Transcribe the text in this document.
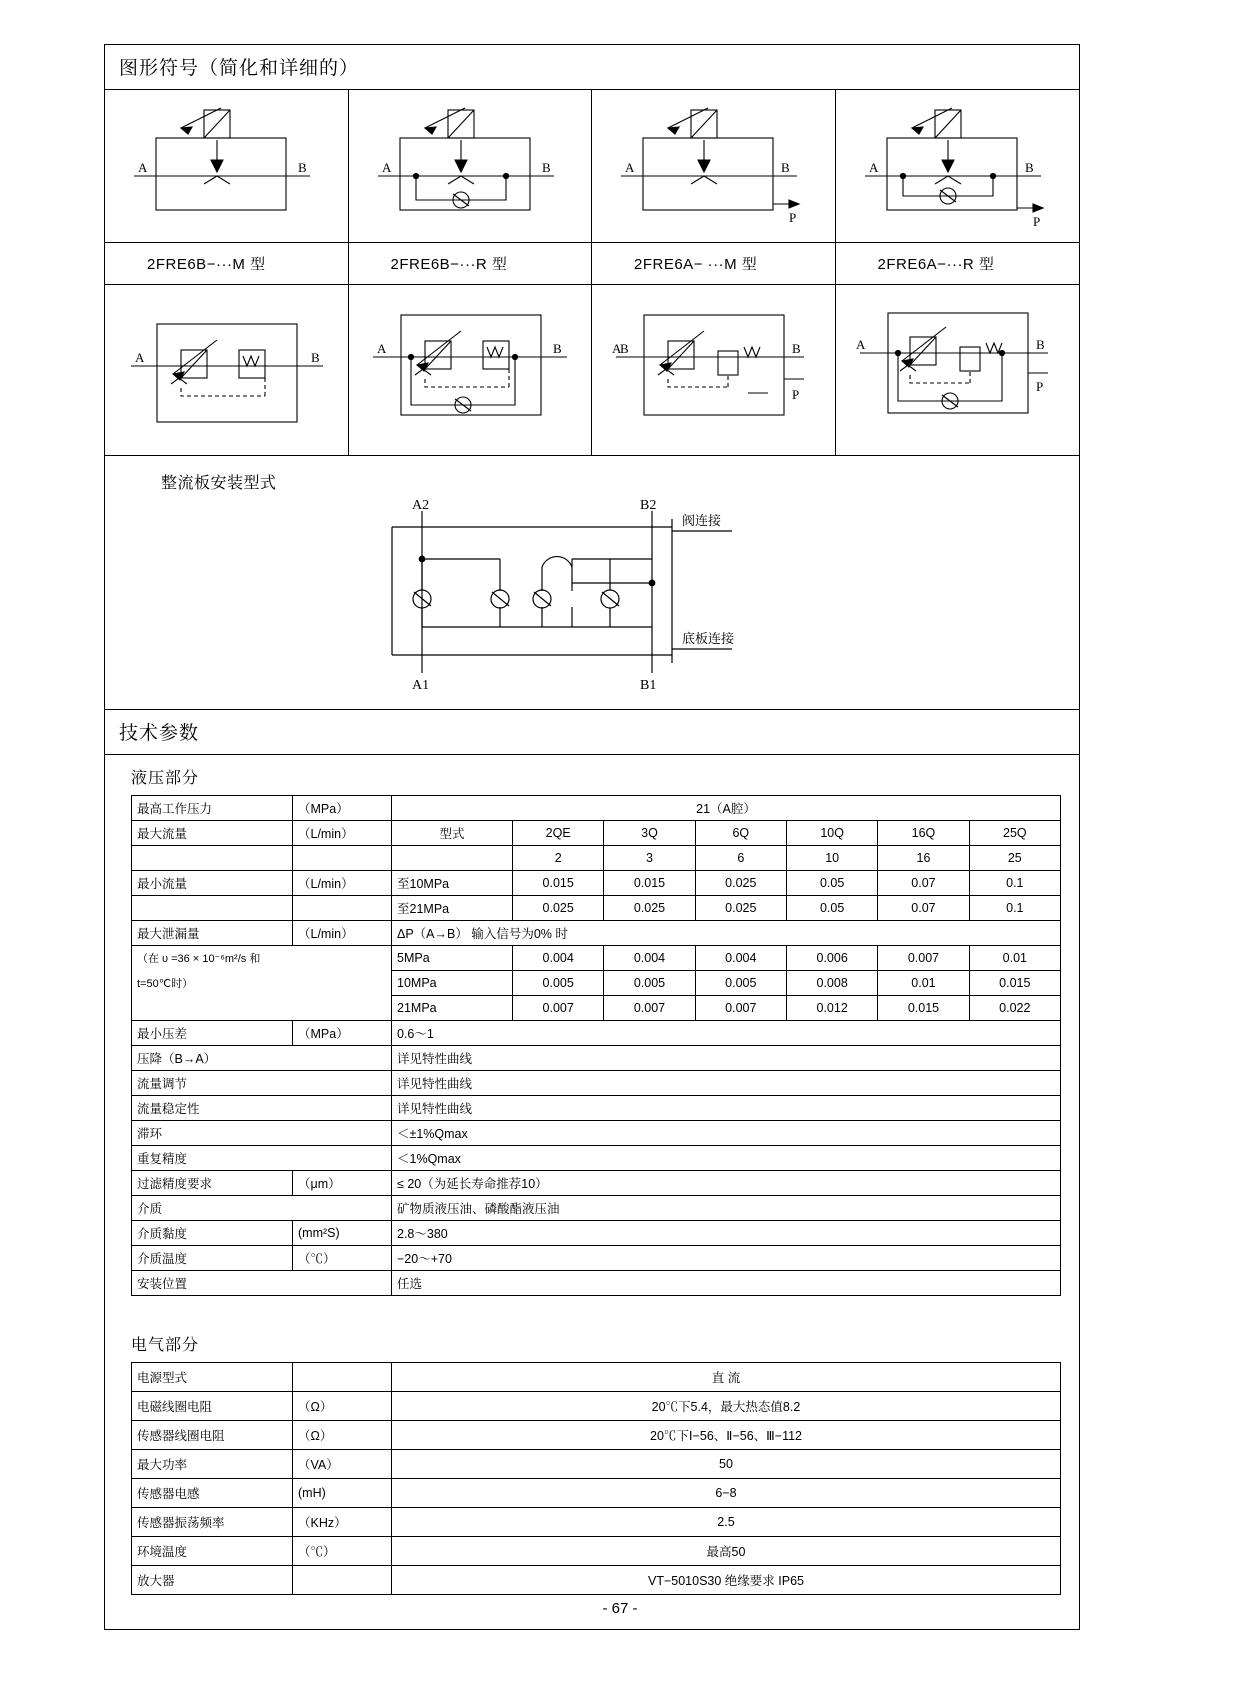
图形符号（简化和详细的）
A	B	A	B	A	B
P
A	B
P
2FRE6B−···M 型	2FRE6B−···R 型	2FRE6A− ···M 型	2FRE6A−···R 型
A	B
A	B	B
P
A	B	A	B
P
整流板安装型式
A2	B2
A1	B1
阀连接
底板连接
技术参数
液压部分
最高工作压力	（MPa）	21（A腔）						
最大流量	（L/min）	型式	2QE	3Q	6Q	10Q	16Q	25Q
			2	3	6	10	16	25
最小流量	（L/min）	至10MPa	0.015	0.015	0.025	0.05	0.07	0.1
		至21MPa	0.025	0.025	0.025	0.05	0.07	0.1
最大泄漏量	（L/min）	ΔP（A→B） 输入信号为0% 时						
（在 υ =36 × 10⁻⁶m²/s 和		5MPa	0.004	0.004	0.004	0.006	0.007	0.01
t=50℃时）		10MPa	0.005	0.005	0.005	0.008	0.01	0.015
		21MPa	0.007	0.007	0.007	0.012	0.015	0.022
最小压差	（MPa）	0.6～1						
压降（B→A）		详见特性曲线						
流量调节		详见特性曲线						
流量稳定性		详见特性曲线						
滞环		＜±1%Qmax						
重复精度		＜1%Qmax						
过滤精度要求	（μm）	≤ 20（为延长寿命推荐10）						
介质		矿物质液压油、磷酸酯液压油						
介质黏度	(mm²S)	2.8～380						
介质温度	（℃）	−20～+70						
安装位置		任选						
电气部分
电源型式		直 流
电磁线圈电阻	（Ω）	20℃下5.4，最大热态值8.2
传感器线圈电阻	（Ω）	20℃下Ⅰ−56、Ⅱ−56、Ⅲ−112
最大功率	（VA）	50
传感器电感	(mH)	6−8
传感器振荡频率	（KHz）	2.5
环境温度	（℃）	最高50
放大器		VT−5010S30 绝缘要求 IP65
- 67 -
